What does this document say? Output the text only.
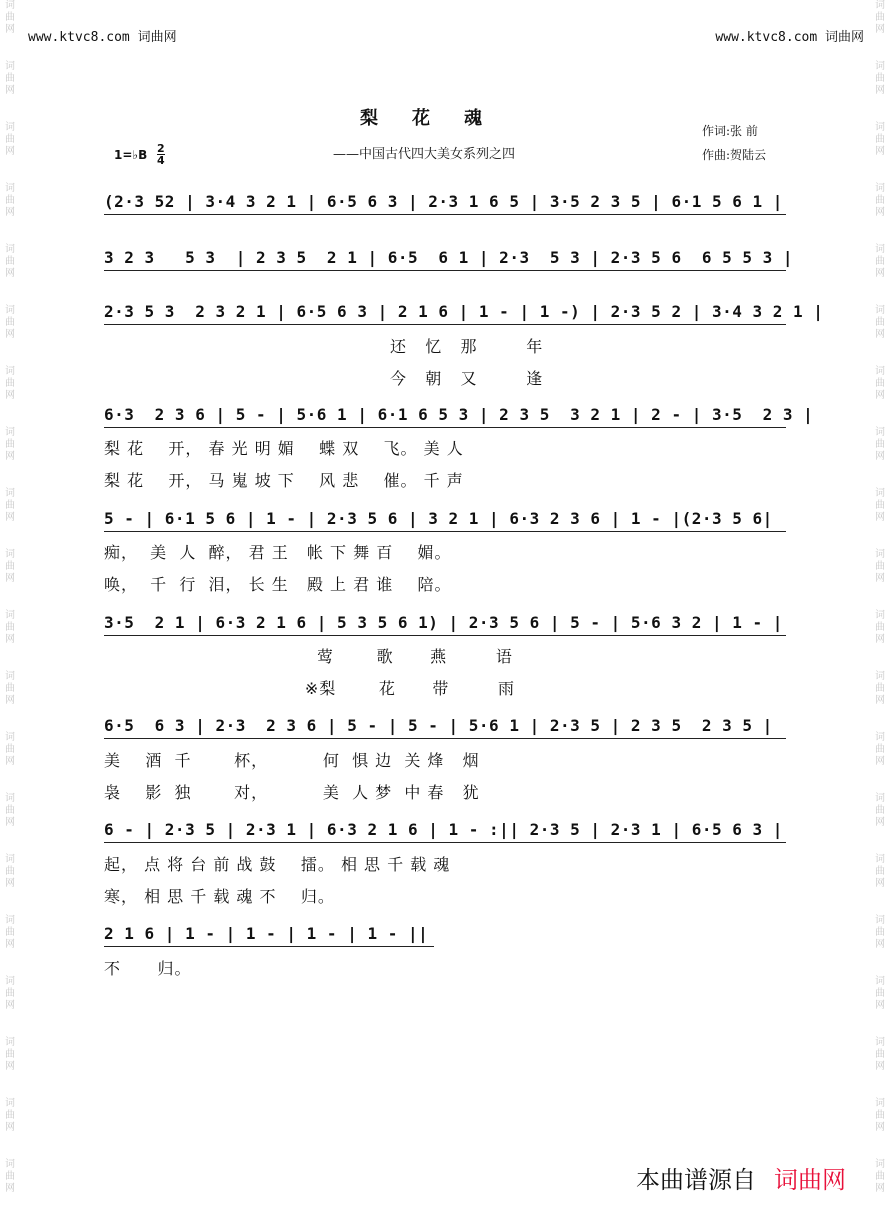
词
曲
网
词
曲
网
词
曲
网
词
曲
网
词
曲
网
词
曲
网
词
曲
网
词
曲
网
词
曲
网
词
曲
网
词
曲
网
词
曲
网
词
曲
网
词
曲
网
词
曲
网
词
曲
网
词
曲
网
词
曲
网
词
曲
网
词
曲
网
词
曲
网
词
曲
网
词
曲
网
词
曲
网
词
曲
网
词
曲
网
词
曲
网
词
曲
网
词
曲
网
词
曲
网
词
曲
网
词
曲
网
词
曲
网
词
曲
网
词
曲
网
词
曲
网
词
曲
网
词
曲
网
词
曲
网
词
曲
网
www.ktvc8.com 词曲网	www.ktvc8.com 词曲网
梨花魂
——中国古代四大美女系列之四
作词:张 前
作曲:贺陆云
1=♭B $\frac{2}{4}$
(2·3 52 | 3·4 3 2 1 | 6·5 6 3 | 2·3 1 6 5 | 3·5 2 3 5 | 6·1 5 6 1 |
3 2 3   5 3  | 2 3 5  2 1 | 6·5  6 1 | 2·3  5 3 | 2·3 5 6  6 5 5 3 |
2·3 5 3  2 3 2 1 | 6·5 6 3 | 2 1 6 | 1 - | 1 -) | 2·3 5 2 | 3·4 3 2 1 |
还   忆   那        年
今   朝   又        逢
6·3  2 3 6 | 5 - | 5·6 1 | 6·1 6 5 3 | 2 3 5  3 2 1 | 2 - | 3·5  2 3 |
梨 花    开， 春 光 明 媚    蝶 双    飞。 美 人
梨 花    开， 马 嵬 坡 下    风 悲    催。 千 声
5 - | 6·1 5 6 | 1 - | 2·3 5 6 | 3 2 1 | 6·3 2 3 6 | 1 - |(2·3 5 6|
痴，  美  人  醉， 君 王   帐 下 舞 百    媚。
唤，  千  行  泪， 长 生   殿 上 君 谁    陪。
3·5  2 1 | 6·3 2 1 6 | 5 3 5 6 1) | 2·3 5 6 | 5 - | 5·6 3 2 | 1 - |
莺       歌      燕        语
※梨       花      带        雨
6·5  6 3 | 2·3  2 3 6 | 5 - | 5 - | 5·6 1 | 2·3 5 | 2 3 5  2 3 5 |
美    酒  千       杯，         何  惧 边  关 烽   烟
袅    影  独       对，         美  人 梦  中 春   犹
6 - | 2·3 5 | 2·3 1 | 6·3 2 1 6 | 1 - :|| 2·3 5 | 2·3 1 | 6·5 6 3 |
起， 点 将 台 前 战 鼓    擂。 相 思 千 载 魂
寒， 相 思 千 载 魂 不    归。
2 1 6 | 1 - | 1 - | 1 - | 1 - ||
不      归。
本曲谱源自 词曲网
